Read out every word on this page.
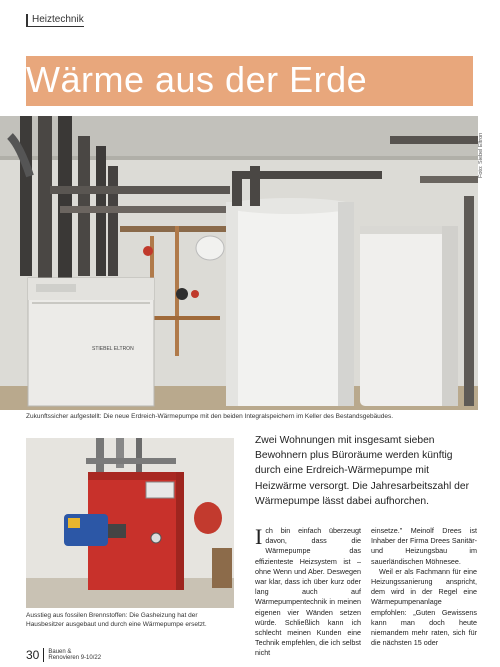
Heiztechnik
Wärme aus der Erde
STIEBEL ELTRON
Foto: Siebel Eltron
Zukunftssicher aufgestellt: Die neue Erdreich-Wärmepumpe mit den beiden Integralspeichern im Keller des Bestandsgebäudes.
Ausstieg aus fossilen Brennstoffen: Die Gasheizung hat der Hausbesitzer ausgebaut und durch eine Wärmepumpe ersetzt.
Zwei Wohnungen mit insgesamt sieben Bewohnern plus Büroräume werden künftig durch eine Erdreich-Wärmepumpe mit Heizwärme versorgt. Die Jahresarbeitszahl der Wärmepumpe lässt dabei aufhorchen.
I ch bin einfach überzeugt davon, dass die Wärmepumpe das effizienteste Heizsystem ist – ohne Wenn und Aber. Deswegen war klar, dass ich über kurz oder lang auch auf Wärmepumpentechnik in meinen eigenen vier Wänden setzen würde. Schließlich kann ich schlecht meinen Kunden eine Technik empfehlen, die ich selbst nicht

einsetze." Meinolf Drees ist Inhaber der Firma Drees Sanitär- und Heizungsbau im sauerländischen Möhnesee.

Weil er als Fachmann für eine Heizungssanierung anspricht, dem wird in der Regel eine Wärmepumpenanlage empfohlen: „Guten Gewissens kann man doch heute niemandem mehr raten, sich für die nächsten 15 oder

30 Bauen &
Renovieren 9-10/22
